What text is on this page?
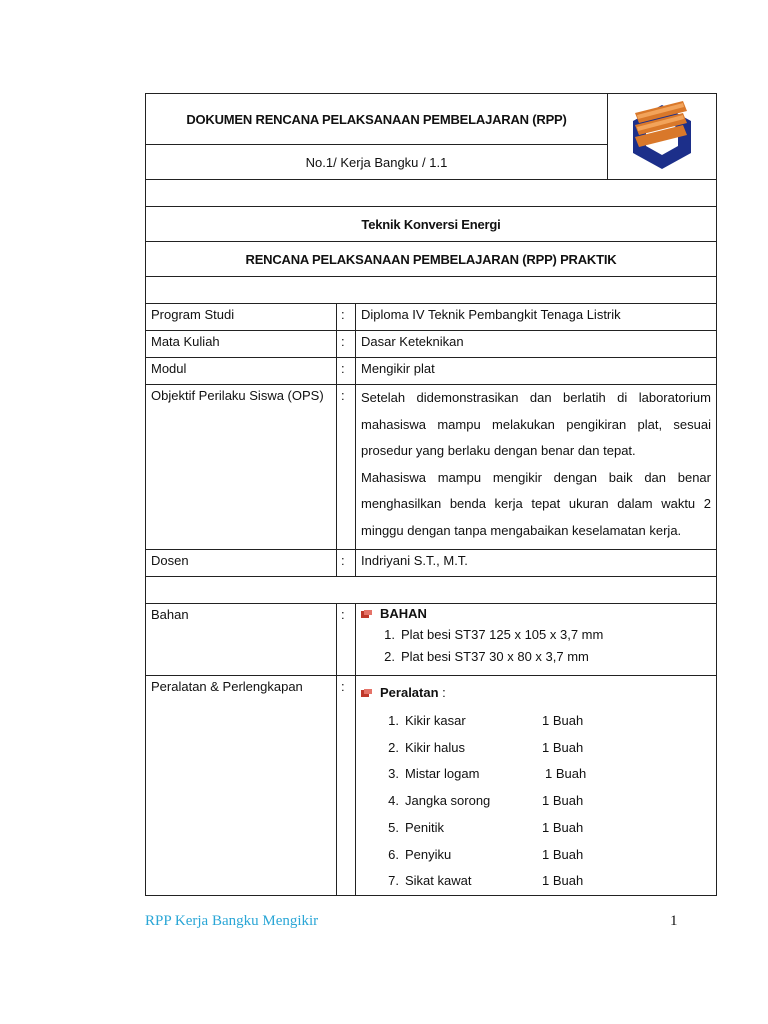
DOKUMEN RENCANA PELAKSANAAN PEMBELAJARAN (RPP)
No.1/ Kerja Bangku / 1.1
Teknik Konversi Energi
RENCANA PELAKSANAAN PEMBELAJARAN (RPP) PRAKTIK
Program Studi	:	Diploma IV Teknik Pembangkit Tenaga Listrik
Mata Kuliah	:	Dasar Keteknikan
Modul	:	Mengikir plat
Objektif Perilaku Siswa (OPS)	:	Setelah didemonstrasikan dan berlatih di laboratorium mahasiswa mampu melakukan pengikiran plat, sesuai prosedur yang berlaku dengan benar dan tepat.
Mahasiswa mampu mengikir dengan baik dan benar menghasilkan benda kerja tepat ukuran dalam waktu 2 minggu dengan tanpa mengabaikan keselamatan kerja.
Dosen	:	Indriyani S.T., M.T.
Bahan	:	BAHAN
1. Plat besi ST37 125 x 105 x 3,7 mm
2. Plat besi ST37 30 x 80 x 3,7 mm
Peralatan & Perlengkapan	:	Peralatan :
1. Kikir kasar	1 Buah
2. Kikir halus	1 Buah
3. Mistar logam	1 Buah
4. Jangka sorong	1 Buah
5. Penitik	1 Buah
6. Penyiku	1 Buah
7. Sikat kawat	1 Buah
RPP Kerja Bangku Mengikir	1
